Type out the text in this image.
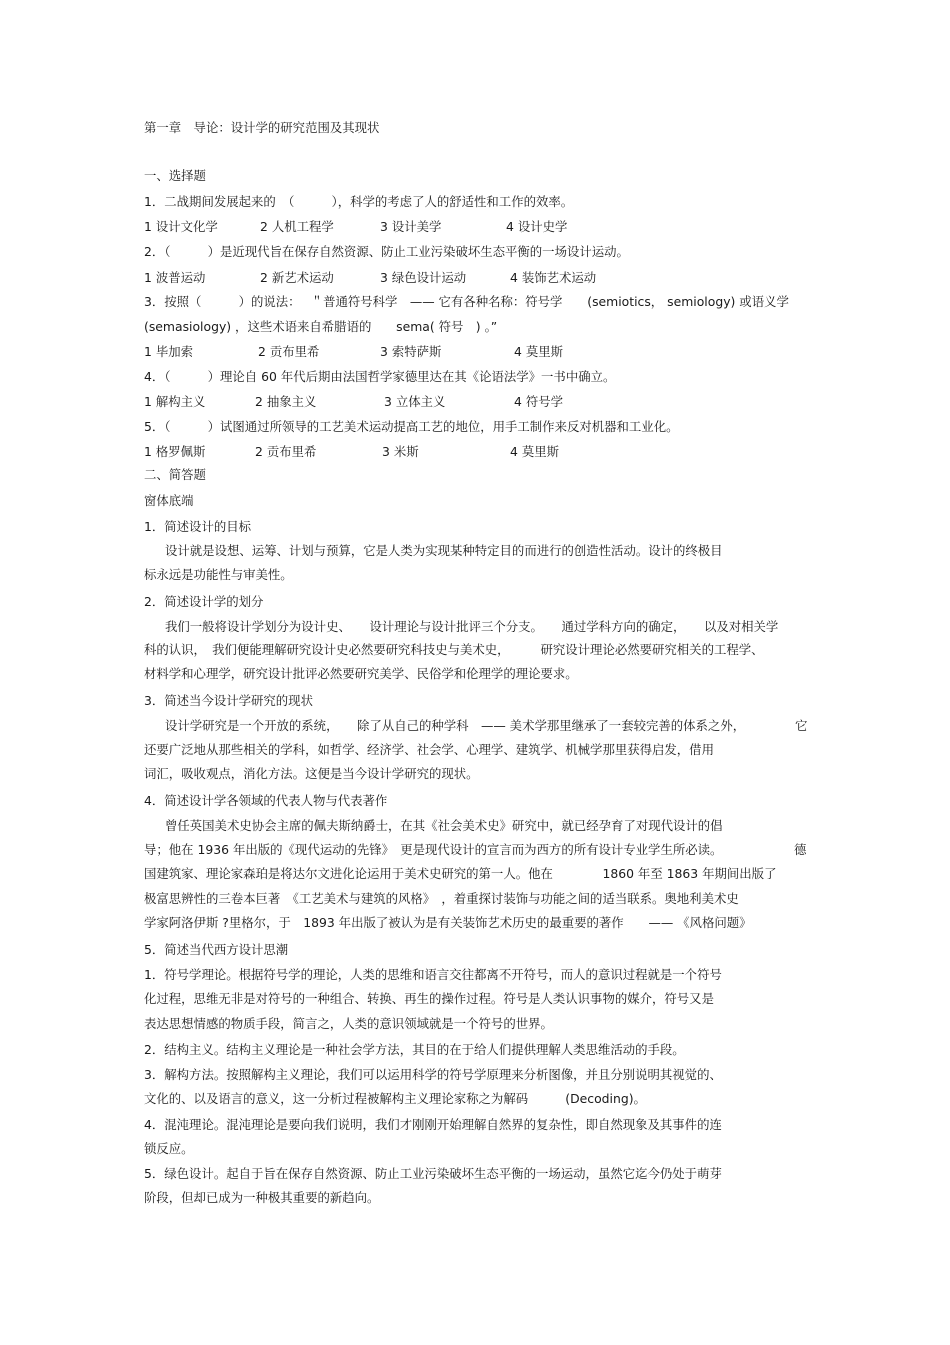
第一章　导论：设计学的研究范围及其现状
一、选择题
1．二战期间发展起来的　（　　　），科学的考虑了人的舒适性和工作的效率。
1 设计文化学	2 人机工程学	3 设计美学	4 设计史学
2．（　　　）是近现代旨在保存自然资源、防止工业污染破坏生态平衡的一场设计运动。
1 波普运动	2 新艺术运动	3 绿色设计运动	4 装饰艺术运动
3．按照（　　　）的说法：　 ＂普通符号科学　—— 它有各种名称：符号学　　(semiotics， semiology) 或语义学
(semasiology) ，这些术语来自希腊语的　　sema( 符号　) 。”
1 毕加索	2 贡布里希	3 索特萨斯	4 莫里斯
4．（　　　）理论自 60 年代后期由法国哲学家德里达在其《论语法学》一书中确立。
1 解构主义	2 抽象主义	3 立体主义	4 符号学
5．（　　　）试图通过所领导的工艺美术运动提高工艺的地位，用手工制作来反对机器和工业化。
1 格罗佩斯	2 贡布里希	3 米斯	4 莫里斯
二、简答题
窗体底端
1．简述设计的目标
设计就是设想、运筹、计划与预算，它是人类为实现某种特定目的而进行的创造性活动。设计的终极目
标永远是功能性与审美性。
2．简述设计学的划分
我们一般将设计学划分为设计史、　　设计理论与设计批评三个分支。　　通过学科方向的确定，　　以及对相关学
科的认识，　我们便能理解研究设计史必然要研究科技史与美术史，　　　研究设计理论必然要研究相关的工程学、
材料学和心理学，研究设计批评必然要研究美学、民俗学和伦理学的理论要求。
3．简述当今设计学研究的现状
设计学研究是一个开放的系统，　　除了从自己的种学科　—— 美术学那里继承了一套较完善的体系之外，	它
还要广泛地从那些相关的学科，如哲学、经济学、社会学、心理学、建筑学、机械学那里获得启发，借用
词汇，吸收观点，消化方法。这便是当今设计学研究的现状。
4．简述设计学各领域的代表人物与代表著作
曾任英国美术史协会主席的佩夫斯纳爵士，在其《社会美术史》研究中，就已经孕育了对现代设计的倡
导；他在 1936 年出版的《现代运动的先锋》　更是现代设计的宣言而为西方的所有设计专业学生所必读。	德
国建筑家、理论家森珀是将达尔文进化论运用于美术史研究的第一人。他在　　　　1860 年至 1863 年期间出版了
极富思辨性的三卷本巨著　《工艺美术与建筑的风格》　，着重探讨装饰与功能之间的适当联系。奥地利美术史
学家阿洛伊斯 ?里格尔，于　1893 年出版了被认为是有关装饰艺术历史的最重要的著作　　—— 《风格问题》
5．简述当代西方设计思潮
1．符号学理论。根据符号学的理论，人类的思维和语言交往都离不开符号，而人的意识过程就是一个符号
化过程，思维无非是对符号的一种组合、转换、再生的操作过程。符号是人类认识事物的媒介，符号又是
表达思想情感的物质手段，简言之，人类的意识领域就是一个符号的世界。
2．结构主义。结构主义理论是一种社会学方法，其目的在于给人们提供理解人类思维活动的手段。
3．解构方法。按照解构主义理论，我们可以运用科学的符号学原理来分析图像，并且分别说明其视觉的、
文化的、以及语言的意义，这一分析过程被解构主义理论家称之为解码　　　(Decoding)。
4．混沌理论。混沌理论是要向我们说明，我们才刚刚开始理解自然界的复杂性，即自然现象及其事件的连
锁反应。
5．绿色设计。起自于旨在保存自然资源、防止工业污染破坏生态平衡的一场运动，虽然它迄今仍处于萌芽
阶段，但却已成为一种极其重要的新趋向。
